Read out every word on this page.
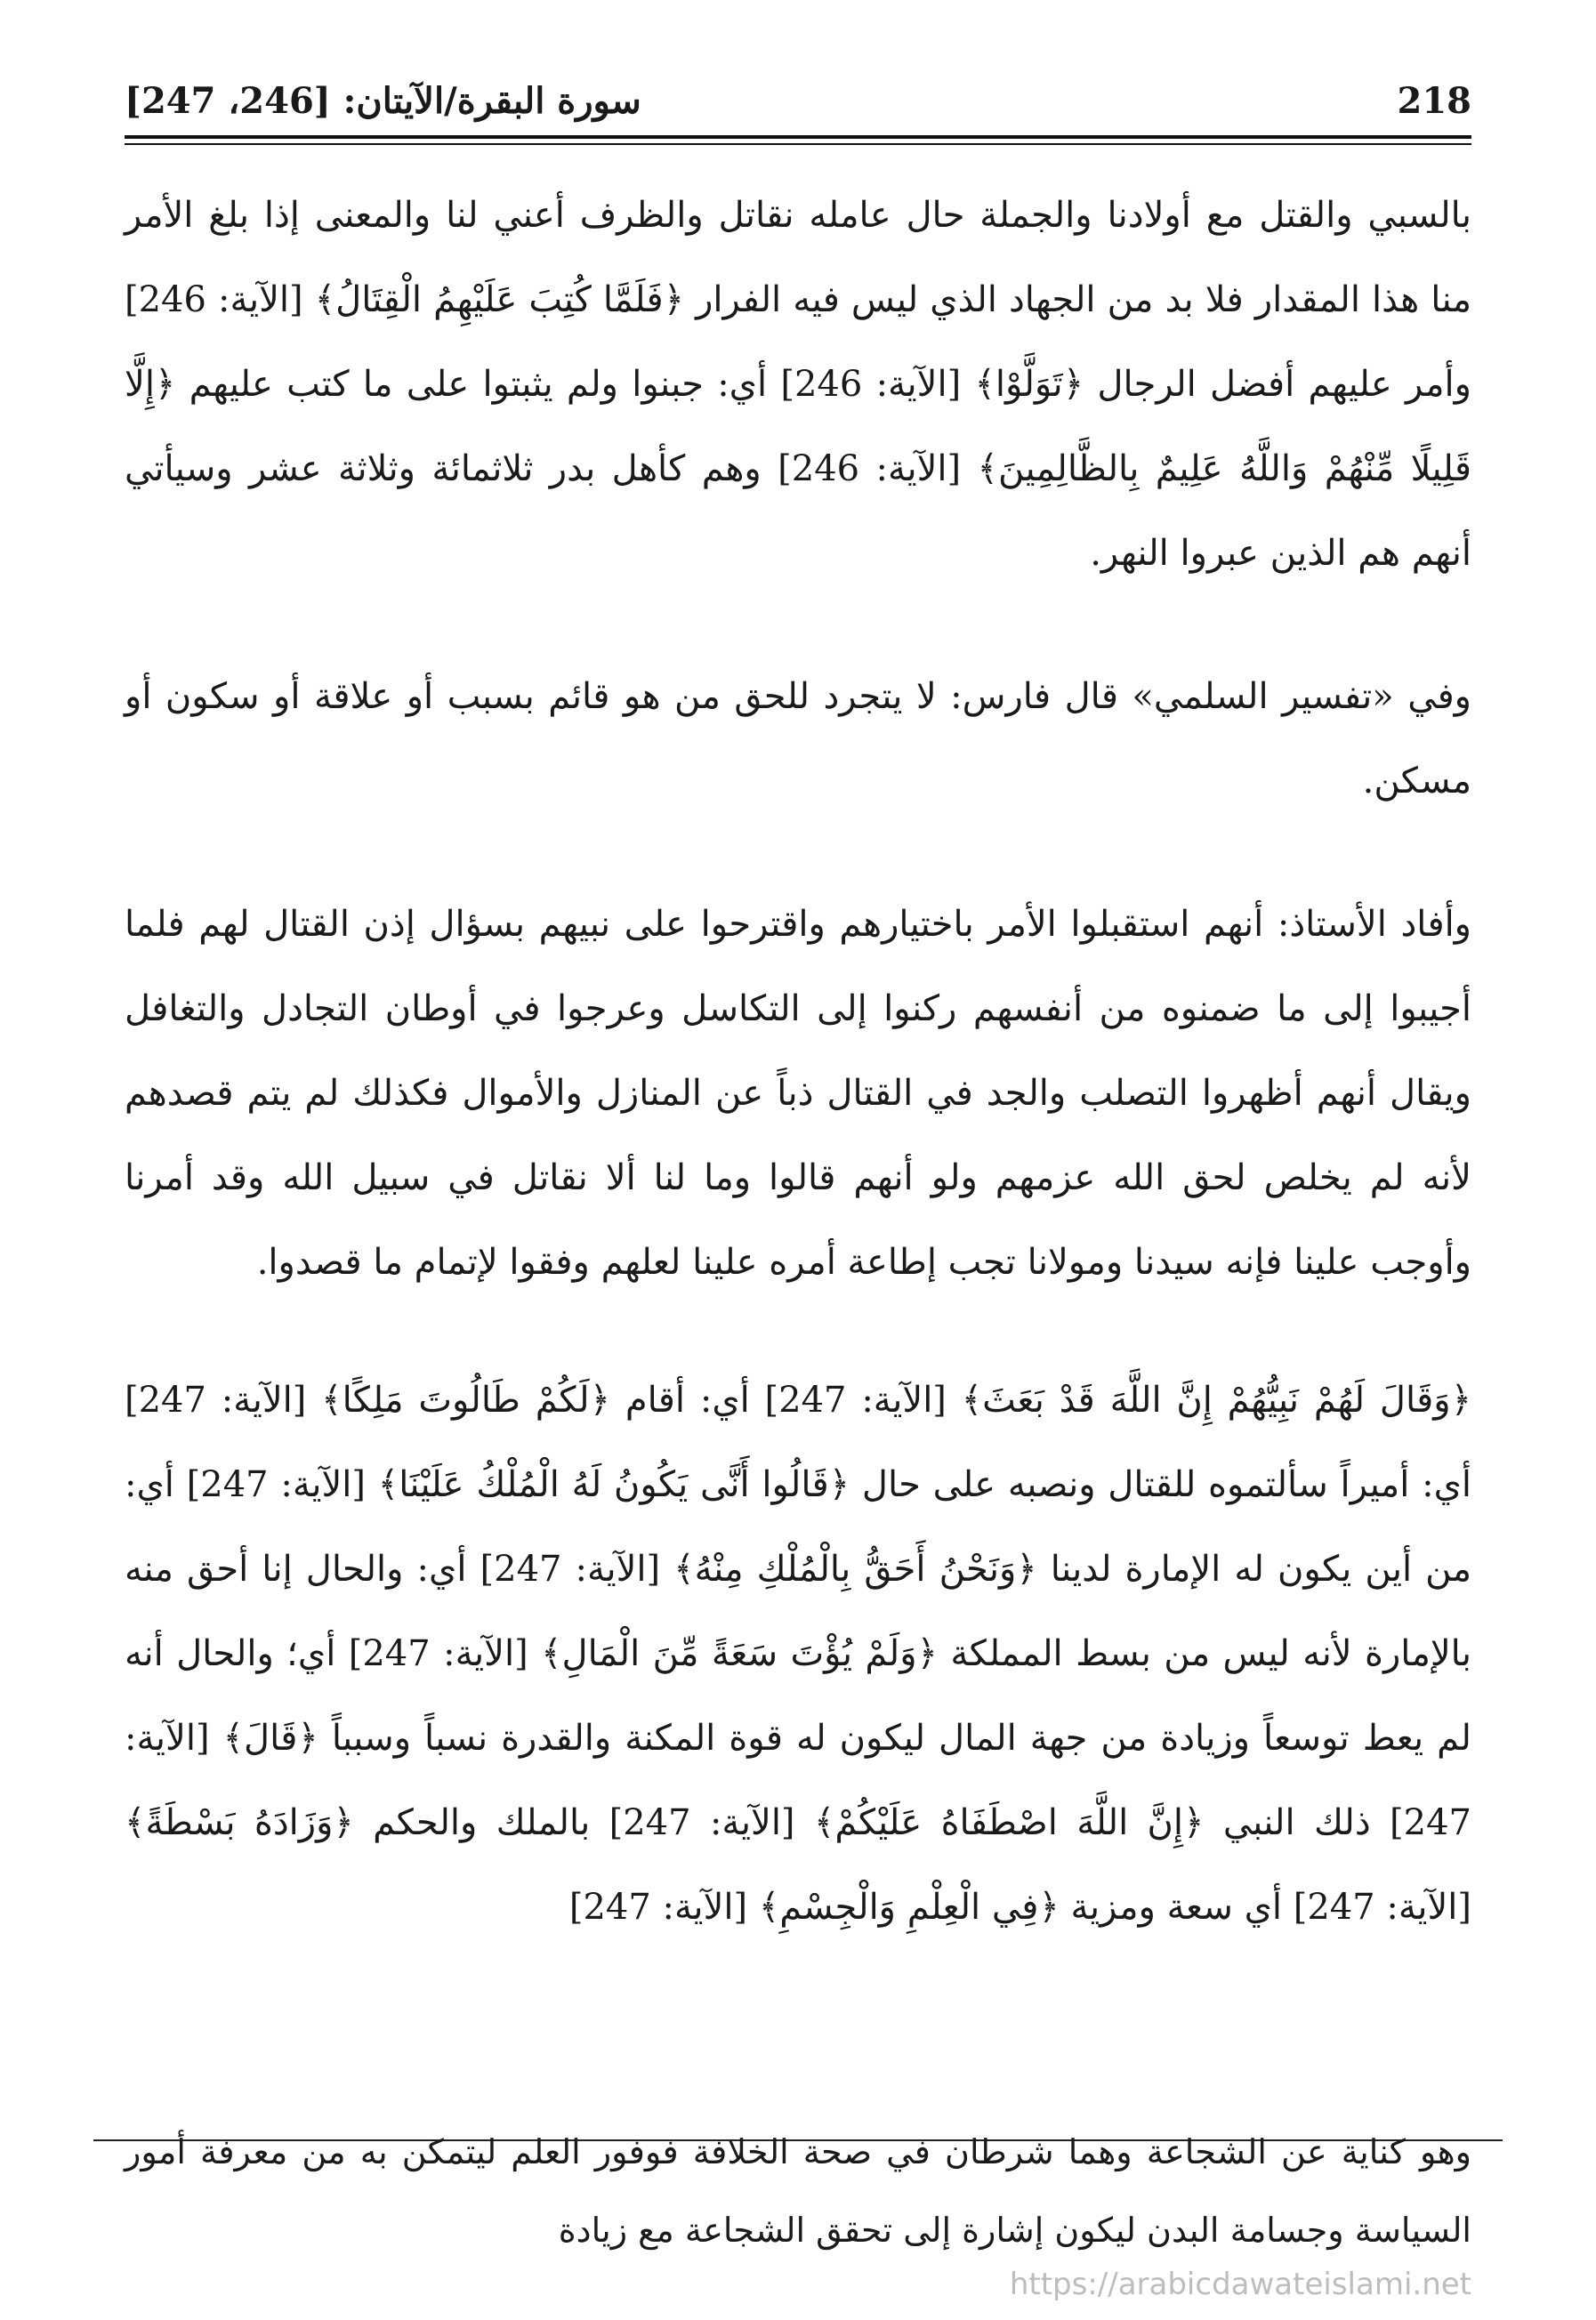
218
سورة البقرة/الآيتان: [246، 247]

بالسبي والقتل مع أولادنا والجملة حال عامله نقاتل والظرف أعني لنا والمعنى إذا بلغ الأمر منا هذا المقدار فلا بد من الجهاد الذي ليس فيه الفرار ﴿فَلَمَّا كُتِبَ عَلَيْهِمُ الْقِتَالُ﴾ [الآية: 246] وأمر عليهم أفضل الرجال ﴿تَوَلَّوْا﴾ [الآية: 246] أي: جبنوا ولم يثبتوا على ما كتب عليهم ﴿إِلَّا قَلِيلًا مِّنْهُمْ وَاللَّهُ عَلِيمٌ بِالظَّالِمِينَ﴾ [الآية: 246] وهم كأهل بدر ثلاثمائة وثلاثة عشر وسيأتي أنهم هم الذين عبروا النهر.

وفي «تفسير السلمي» قال فارس: لا يتجرد للحق من هو قائم بسبب أو علاقة أو سكون أو مسكن.

وأفاد الأستاذ: أنهم استقبلوا الأمر باختيارهم واقترحوا على نبيهم بسؤال إذن القتال لهم فلما أجيبوا إلى ما ضمنوه من أنفسهم ركنوا إلى التكاسل وعرجوا في أوطان التجادل والتغافل ويقال أنهم أظهروا التصلب والجد في القتال ذباً عن المنازل والأموال فكذلك لم يتم قصدهم لأنه لم يخلص لحق الله عزمهم ولو أنهم قالوا وما لنا ألا نقاتل في سبيل الله وقد أمرنا وأوجب علينا فإنه سيدنا ومولانا تجب إطاعة أمره علينا لعلهم وفقوا لإتمام ما قصدوا.

﴿وَقَالَ لَهُمْ نَبِيُّهُمْ إِنَّ اللَّهَ قَدْ بَعَثَ﴾ [الآية: 247] أي: أقام ﴿لَكُمْ طَالُوتَ مَلِكًا﴾ [الآية: 247] أي: أميراً سألتموه للقتال ونصبه على حال ﴿قَالُوا أَنَّى يَكُونُ لَهُ الْمُلْكُ عَلَيْنَا﴾ [الآية: 247] أي: من أين يكون له الإمارة لدينا ﴿وَنَحْنُ أَحَقُّ بِالْمُلْكِ مِنْهُ﴾ [الآية: 247] أي: والحال إنا أحق منه بالإمارة لأنه ليس من بسط المملكة ﴿وَلَمْ يُؤْتَ سَعَةً مِّنَ الْمَالِ﴾ [الآية: 247] أي؛ والحال أنه لم يعط توسعاً وزيادة من جهة المال ليكون له قوة المكنة والقدرة نسباً وسبباً ﴿قَالَ﴾ [الآية: 247] ذلك النبي ﴿إِنَّ اللَّهَ اصْطَفَاهُ عَلَيْكُمْ﴾ [الآية: 247] بالملك والحكم ﴿وَزَادَهُ بَسْطَةً﴾ [الآية: 247] أي سعة ومزية ﴿فِي الْعِلْمِ وَالْجِسْمِ﴾ [الآية: 247]

وهو كناية عن الشجاعة وهما شرطان في صحة الخلافة فوفور العلم ليتمكن به من معرفة أمور السياسة وجسامة البدن ليكون إشارة إلى تحقق الشجاعة مع زيادة
https://arabicdawateislami.net
